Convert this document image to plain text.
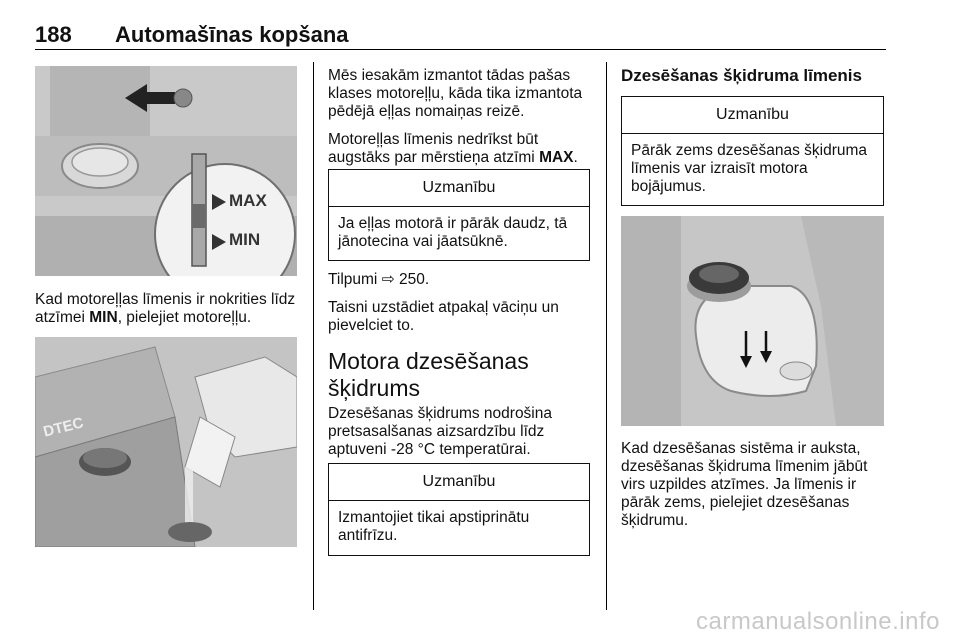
188 Automašīnas kopšana
MAX
MIN

Kad motoreļļas līmenis ir nokrities līdz atzīmei MIN, pielejiet motoreļļu.

DTEC

Mēs iesakām izmantot tādas pašas klases motoreļļu, kāda tika izmantota pēdējā eļļas nomaiņas reizē.

Motoreļļas līmenis nedrīkst būt augstāks par mērstieņa atzīmi MAX.

Uzmanību
Ja eļļas motorā ir pārāk daudz, tā jānotecina vai jāatsūknē.

Tilpumi ⇨ 250.

Taisni uzstādiet atpakaļ vāciņu un pievelciet to.

Motora dzesēšanas
šķidrums

Dzesēšanas šķidrums nodrošina pretsasalšanas aizsardzību līdz aptuveni -28 °C temperatūrai.

Uzmanību
Izmantojiet tikai apstiprinātu antifrīzu.
Dzesēšanas šķidruma līmenis
Uzmanību
Pārāk zems dzesēšanas šķidruma līmenis var izraisīt motora bojājumus.

Kad dzesēšanas sistēma ir auksta, dzesēšanas šķidruma līmenim jābūt virs uzpildes atzīmes. Ja līmenis ir pārāk zems, pielejiet dzesēšanas šķidrumu.

carmanualsonline.info
